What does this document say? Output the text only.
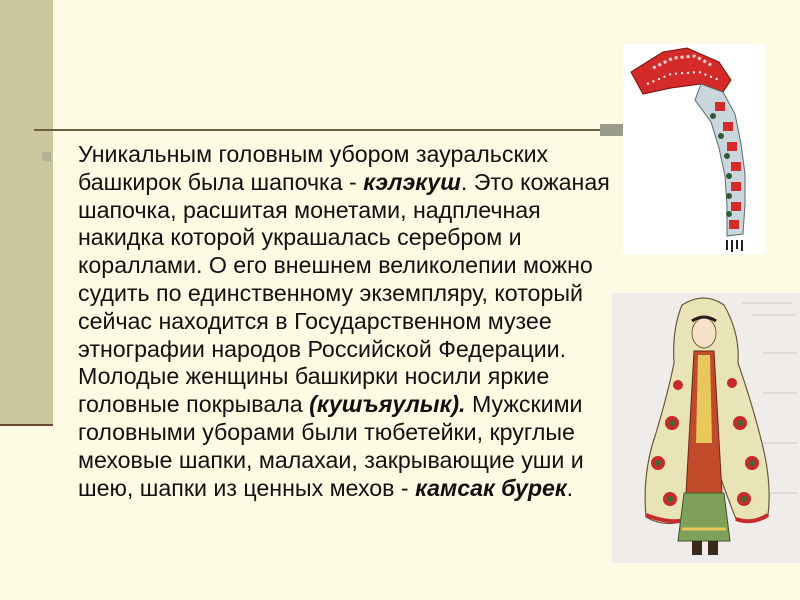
Уникальным головным убором зауральских башкирок была шапочка - кэлэкуш. Это кожаная шапочка, расшитая монетами, надплечная накидка которой украшалась серебром и кораллами. О его внешнем великолепии можно судить по единственному экземпляру, который сейчас находится в Государственном музее этнографии народов Российской Федерации. Молодые женщины башкирки носили яркие головные покрывала (кушъяулык). Мужскими головными уборами были тюбетейки, круглые меховые шапки, малахаи, закрывающие уши и шею, шапки из ценных мехов - камсак бурек.
